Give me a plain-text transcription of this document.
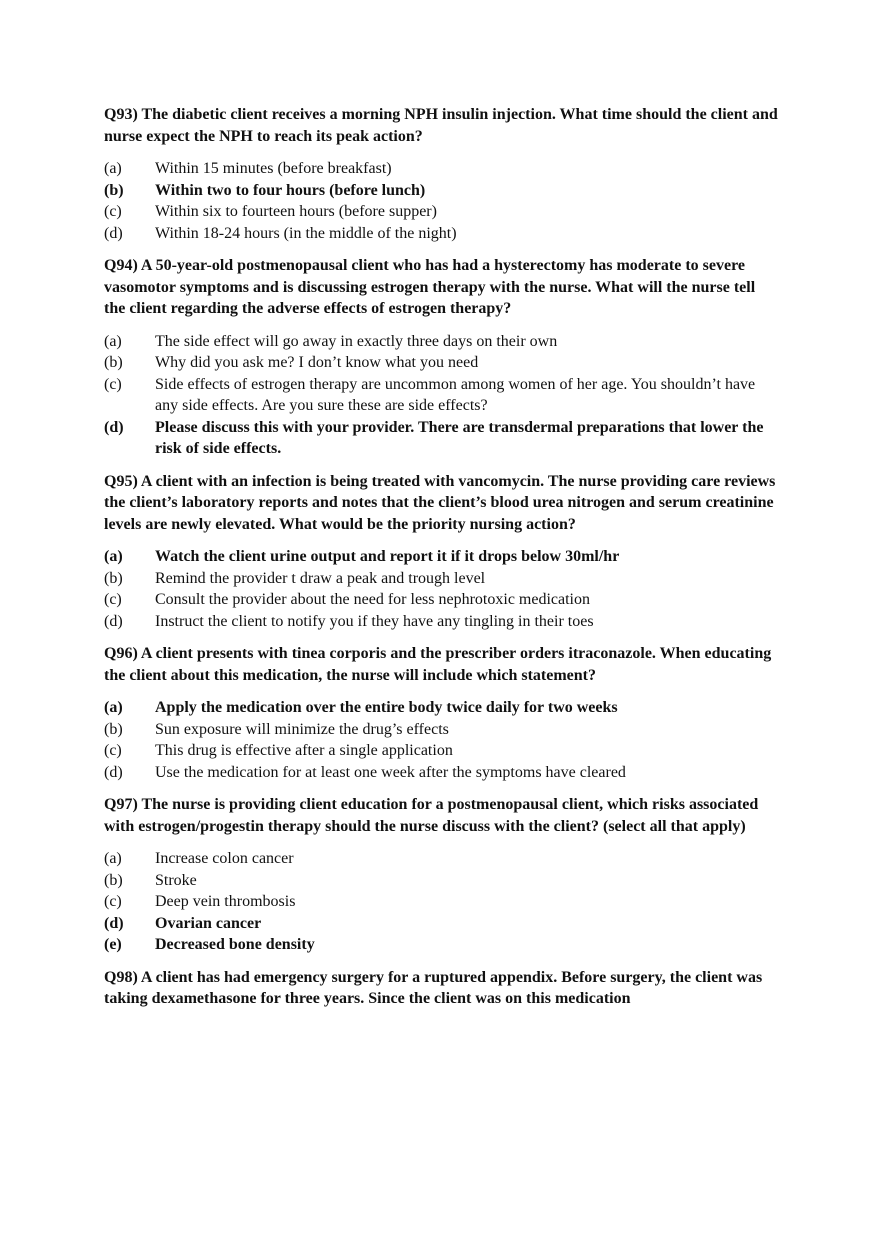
Q93) The diabetic client receives a morning NPH insulin injection. What time should the client and nurse expect the NPH to reach its peak action?

(a)	Within 15 minutes (before breakfast)
(b)	Within two to four hours (before lunch)
(c)	Within six to fourteen hours (before supper)
(d)	Within 18-24 hours (in the middle of the night)

Q94) A 50-year-old postmenopausal client who has had a hysterectomy has moderate to severe vasomotor symptoms and is discussing estrogen therapy with the nurse. What will the nurse tell the client regarding the adverse effects of estrogen therapy?

(a)	The side effect will go away in exactly three days on their own
(b)	Why did you ask me? I don’t know what you need
(c)	Side effects of estrogen therapy are uncommon among women of her age. You shouldn’t have any side effects. Are you sure these are side effects?
(d)	Please discuss this with your provider. There are transdermal preparations that lower the risk of side effects.

Q95) A client with an infection is being treated with vancomycin. The nurse providing care reviews the client’s laboratory reports and notes that the client’s blood urea nitrogen and serum creatinine levels are newly elevated. What would be the priority nursing action?

(a)	Watch the client urine output and report it if it drops below 30ml/hr
(b)	Remind the provider t draw a peak and trough level
(c)	Consult the provider about the need for less nephrotoxic medication
(d)	Instruct the client to notify you if they have any tingling in their toes

Q96) A client presents with tinea corporis and the prescriber orders itraconazole. When educating the client about this medication, the nurse will include which statement?

(a)	Apply the medication over the entire body twice daily for two weeks
(b)	Sun exposure will minimize the drug’s effects
(c)	This drug is effective after a single application
(d)	Use the medication for at least one week after the symptoms have cleared

Q97) The nurse is providing client education for a postmenopausal client, which risks associated with estrogen/progestin therapy should the nurse discuss with the client? (select all that apply)

(a)	Increase colon cancer
(b)	Stroke
(c)	Deep vein thrombosis
(d)	Ovarian cancer
(e)	Decreased bone density

Q98) A client has had emergency surgery for a ruptured appendix. Before surgery, the client was taking dexamethasone for three years. Since the client was on this medication
